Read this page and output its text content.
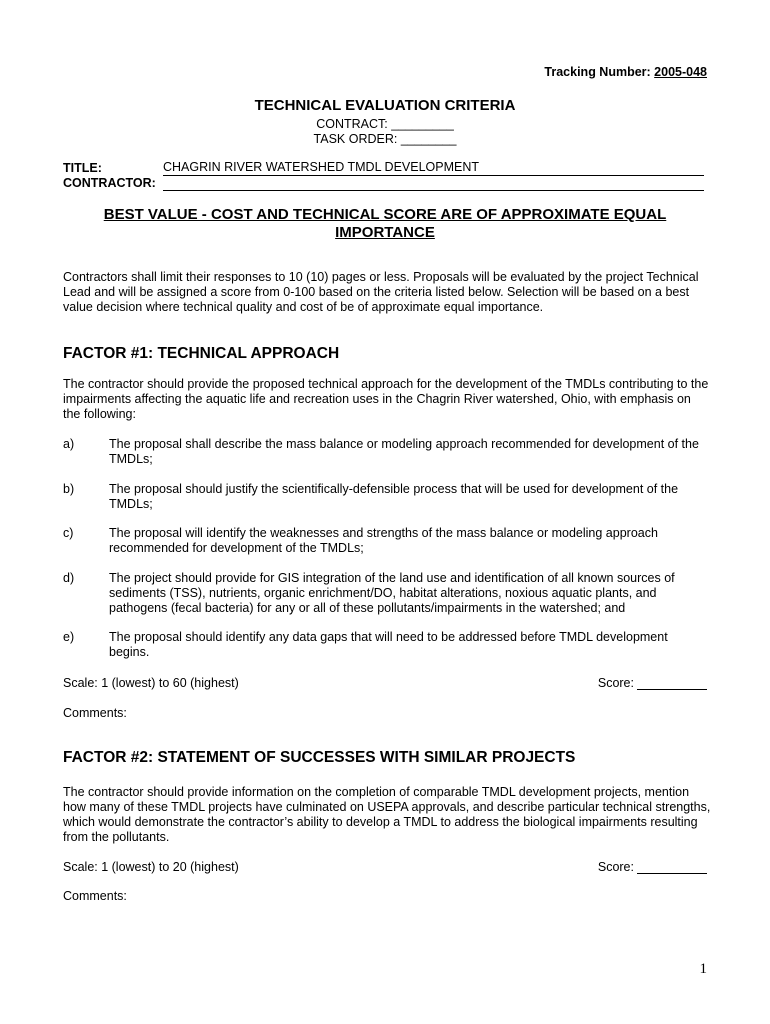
Tracking Number: 2005-048
TECHNICAL EVALUATION CRITERIA
CONTRACT: _________
TASK ORDER: ________
TITLE:	CHAGRIN RIVER WATERSHED TMDL DEVELOPMENT
CONTRACTOR:
BEST VALUE - COST AND TECHNICAL SCORE ARE OF APPROXIMATE EQUAL IMPORTANCE
Contractors shall limit their responses to 10 (10) pages or less. Proposals will be evaluated by the project Technical Lead and will be assigned a score from 0-100 based on the criteria listed below. Selection will be based on a best value decision where technical quality and cost of be of approximate equal importance.
FACTOR #1: TECHNICAL APPROACH
The contractor should provide the proposed technical approach for the development of the TMDLs contributing to the impairments affecting the aquatic life and recreation uses in the Chagrin River watershed, Ohio, with emphasis on the following:
a)	The proposal shall describe the mass balance or modeling approach recommended for development of the TMDLs;
b)	The proposal should justify the scientifically-defensible process that will be used for development of the TMDLs;
c)	The proposal will identify the weaknesses and strengths of the mass balance or modeling approach recommended for development of the TMDLs;
d)	The project should provide for GIS integration of the land use and identification of all known sources of sediments (TSS), nutrients, organic enrichment/DO, habitat alterations, noxious aquatic plants, and pathogens (fecal bacteria) for any or all of these pollutants/impairments in the watershed; and
e)	The proposal should identify any data gaps that will need to be addressed before TMDL development begins.
Scale: 1 (lowest) to 60 (highest)	Score:
Comments:
FACTOR #2: STATEMENT OF SUCCESSES WITH SIMILAR PROJECTS
The contractor should provide information on the completion of comparable TMDL development projects, mention how many of these TMDL projects have culminated on USEPA approvals, and describe particular technical strengths, which would demonstrate the contractor’s ability to develop a TMDL to address the biological impairments resulting from the pollutants.
Scale: 1 (lowest) to 20 (highest)	Score:
Comments:
1
